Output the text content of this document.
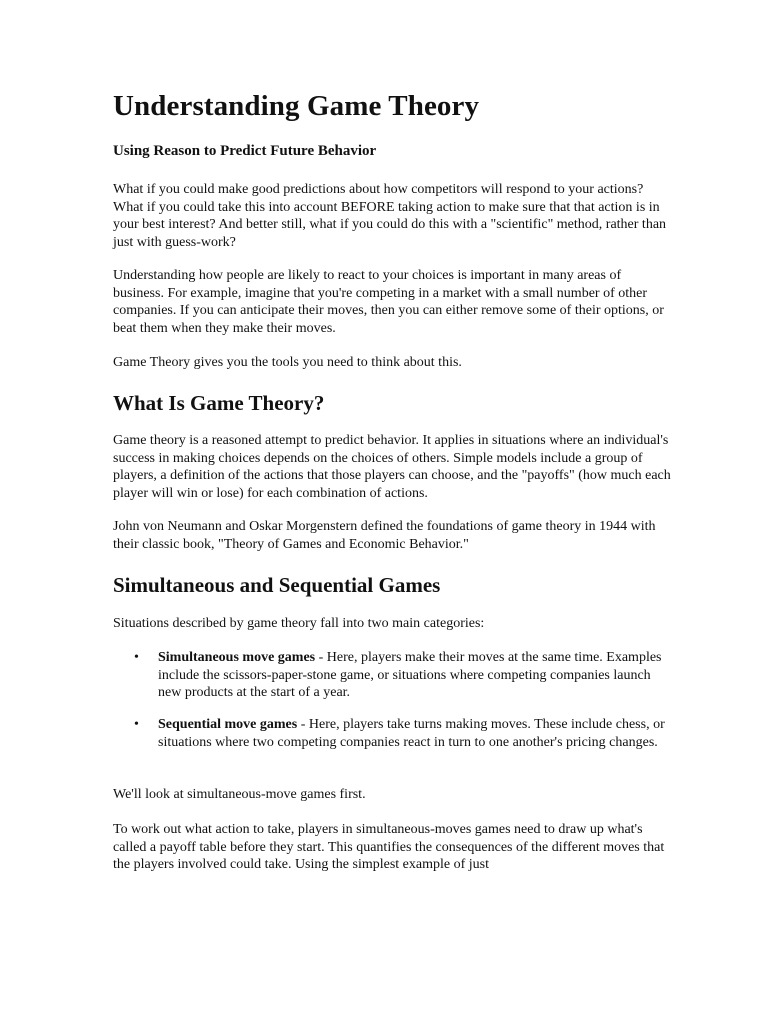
Understanding Game Theory
Using Reason to Predict Future Behavior

What if you could make good predictions about how competitors will respond to your actions? What if you could take this into account BEFORE taking action to make sure that that action is in your best interest? And better still, what if you could do this with a "scientific" method, rather than just with guess-work?

Understanding how people are likely to react to your choices is important in many areas of business. For example, imagine that you're competing in a market with a small number of other companies. If you can anticipate their moves, then you can either remove some of their options, or beat them when they make their moves.

Game Theory gives you the tools you need to think about this.

What Is Game Theory?

Game theory is a reasoned attempt to predict behavior. It applies in situations where an individual's success in making choices depends on the choices of others. Simple models include a group of players, a definition of the actions that those players can choose, and the "payoffs" (how much each player will win or lose) for each combination of actions.

John von Neumann and Oskar Morgenstern defined the foundations of game theory in 1944 with their classic book, "Theory of Games and Economic Behavior."

Simultaneous and Sequential Games

Situations described by game theory fall into two main categories:

• Simultaneous move games - Here, players make their moves at the same time. Examples include the scissors-paper-stone game, or situations where competing companies launch new products at the start of a year.
• Sequential move games - Here, players take turns making moves. These include chess, or situations where two competing companies react in turn to one another's pricing changes.

We'll look at simultaneous-move games first.

To work out what action to take, players in simultaneous-moves games need to draw up what's called a payoff table before they start. This quantifies the consequences of the different moves that the players involved could take. Using the simplest example of just
